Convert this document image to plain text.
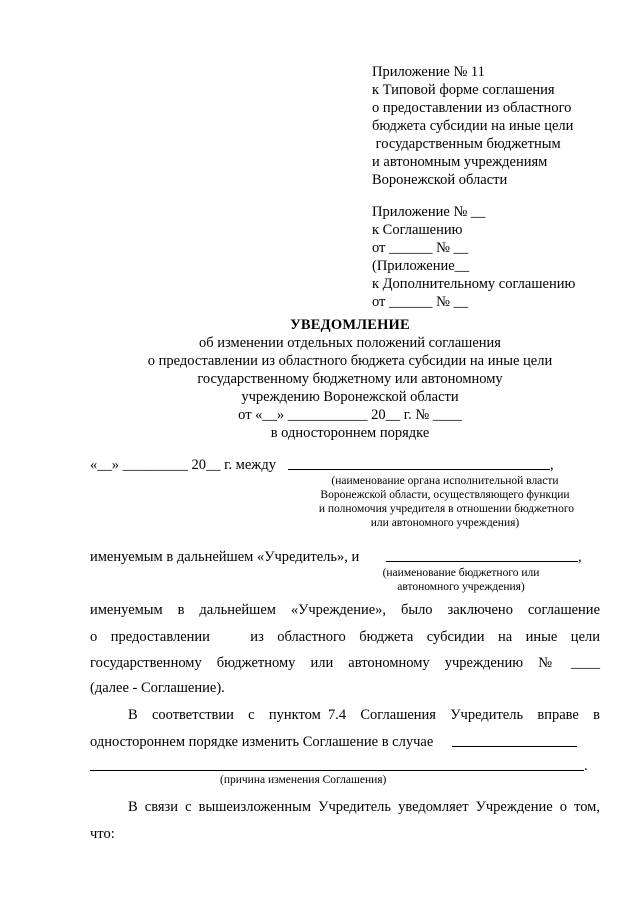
Приложение № 11
к Типовой форме соглашения
о предоставлении из областного
бюджета субсидии на иные цели
государственным бюджетным
и автономным учреждениям
Воронежской области
Приложение № __
к Соглашению
от ______ № __
(Приложение__
к Дополнительному соглашению
от ______ № __
УВЕДОМЛЕНИЕ
об изменении отдельных положений соглашения
о предоставлении из областного бюджета субсидии на иные цели
государственному бюджетному или автономному
учреждению Воронежской области
от «__» ___________ 20__ г. № ____
в одностороннем порядке
«__» _________ 20__ г. между	,
(наименование органа исполнительной власти
Воронежской области, осуществляющего функции
и полномочия учредителя в отношении бюджетного
или автономного учреждения)
именуемым в дальнейшем «Учредитель», и	,
(наименование бюджетного или
автономного учреждения)
именуемым  в  дальнейшем  «Учреждение»,  было  заключено  соглашение
о  предоставлении      из  областного  бюджета  субсидии  на  иные  цели
государственному  бюджетному  или  автономному  учреждению  №  ____
(далее - Соглашение).
В  соответствии  с  пунктом 7.4  Соглашения  Учредитель  вправе  в
одностороннем порядке изменить Соглашение в случае
.
(причина изменения Соглашения)
В связи с вышеизложенным Учредитель уведомляет Учреждение о том,
что:
